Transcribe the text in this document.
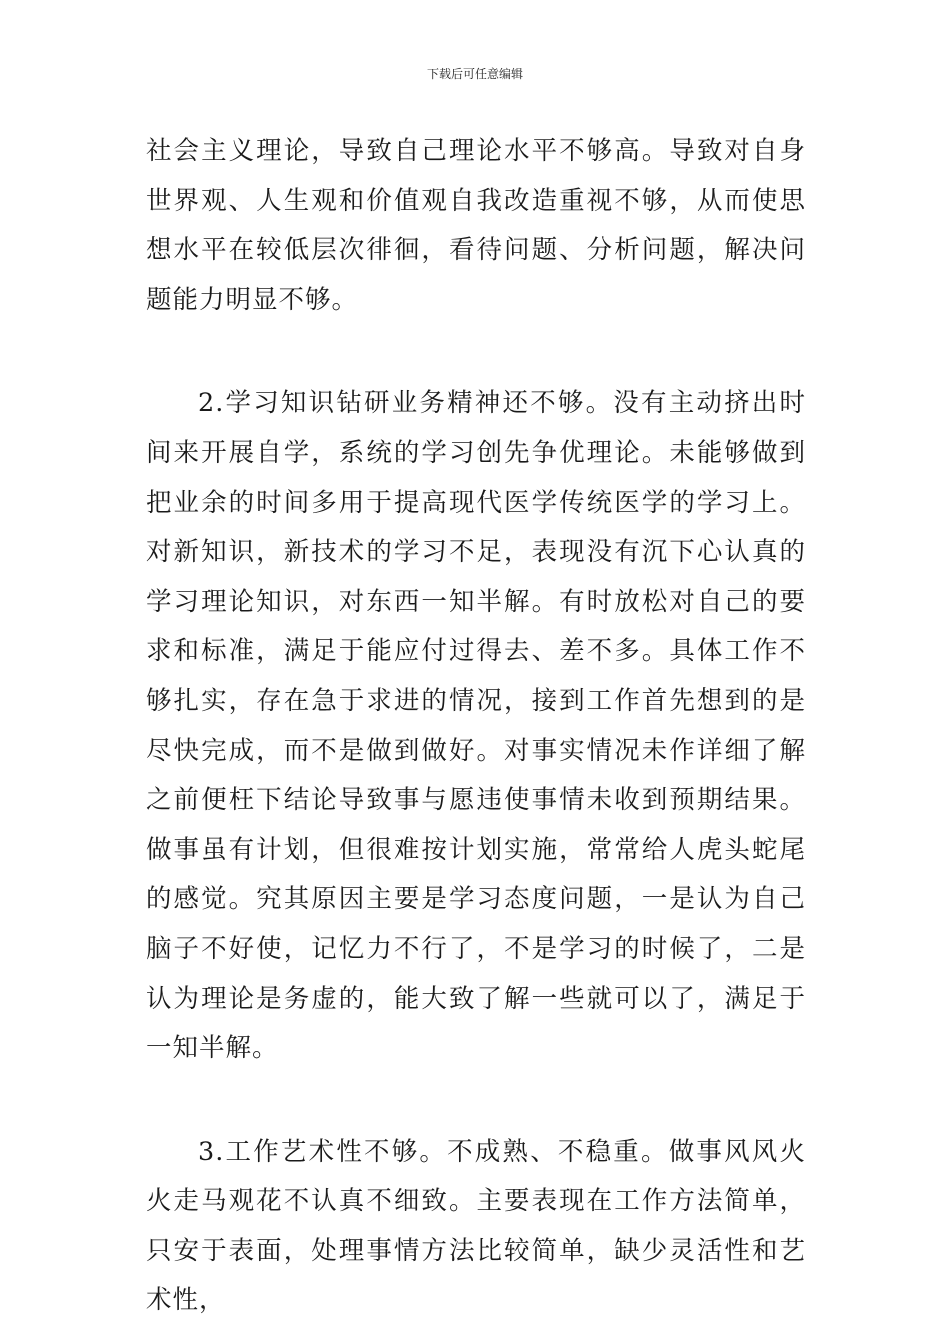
下载后可任意编辑

社会主义理论，导致自己理论水平不够高。导致对自身世界观、人生观和价值观自我改造重视不够，从而使思想水平在较低层次徘徊，看待问题、分析问题，解决问题能力明显不够。

2.学习知识钻研业务精神还不够。没有主动挤出时间来开展自学，系统的学习创先争优理论。未能够做到把业余的时间多用于提高现代医学传统医学的学习上。对新知识，新技术的学习不足，表现没有沉下心认真的学习理论知识，对东西一知半解。有时放松对自己的要求和标准，满足于能应付过得去、差不多。具体工作不够扎实，存在急于求进的情况，接到工作首先想到的是尽快完成，而不是做到做好。对事实情况未作详细了解之前便枉下结论导致事与愿违使事情未收到预期结果。做事虽有计划，但很难按计划实施，常常给人虎头蛇尾的感觉。究其原因主要是学习态度问题，一是认为自己脑子不好使，记忆力不行了，不是学习的时候了，二是认为理论是务虚的，能大致了解一些就可以了，满足于一知半解。

3.工作艺术性不够。不成熟、不稳重。做事风风火火走马观花不认真不细致。主要表现在工作方法简单，只安于表面，处理事情方法比较简单，缺少灵活性和艺术性，
